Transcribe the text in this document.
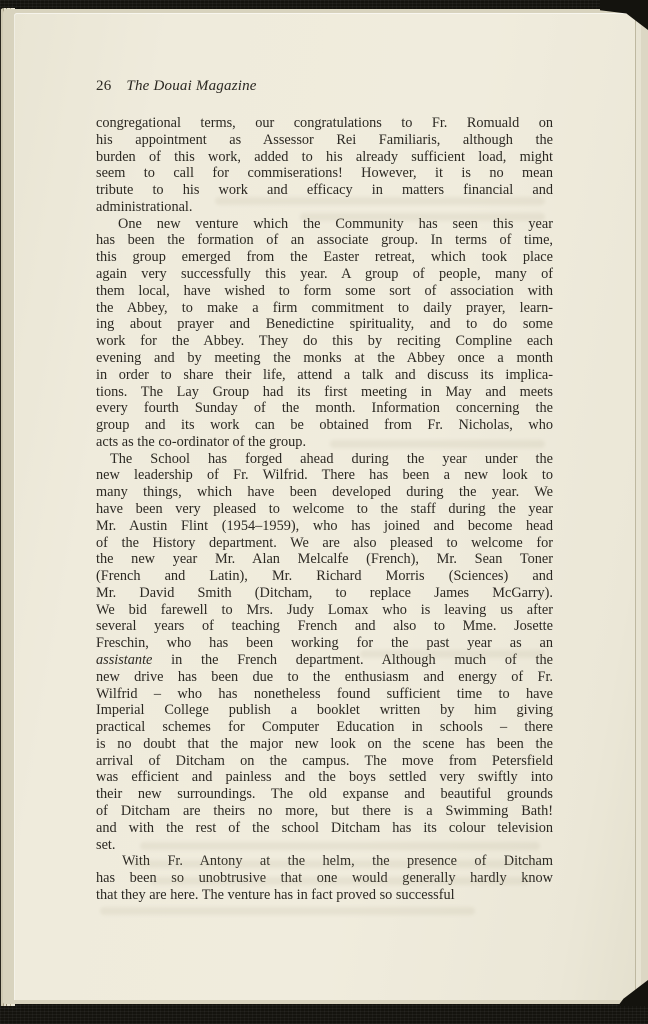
26 The Douai Magazine
congregational terms, our congratulations to Fr. Romuald on
his appointment as Assessor Rei Familiaris, although the
burden of this work, added to his already sufficient load, might
seem to call for commiserations! However, it is no mean
tribute to his work and efficacy in matters financial and
administrational.
One new venture which the Community has seen this year
has been the formation of an associate group. In terms of time,
this group emerged from the Easter retreat, which took place
again very successfully this year. A group of people, many of
them local, have wished to form some sort of association with
the Abbey, to make a firm commitment to daily prayer, learn-
ing about prayer and Benedictine spirituality, and to do some
work for the Abbey. They do this by reciting Compline each
evening and by meeting the monks at the Abbey once a month
in order to share their life, attend a talk and discuss its implica-
tions. The Lay Group had its first meeting in May and meets
every fourth Sunday of the month. Information concerning the
group and its work can be obtained from Fr. Nicholas, who
acts as the co-ordinator of the group.
The School has forged ahead during the year under the
new leadership of Fr. Wilfrid. There has been a new look to
many things, which have been developed during the year. We
have been very pleased to welcome to the staff during the year
Mr. Austin Flint (1954–1959), who has joined and become head
of the History department. We are also pleased to welcome for
the new year Mr. Alan Melcalfe (French), Mr. Sean Toner
(French and Latin), Mr. Richard Morris (Sciences) and
Mr. David Smith (Ditcham, to replace James McGarry).
We bid farewell to Mrs. Judy Lomax who is leaving us after
several years of teaching French and also to Mme. Josette
Freschin, who has been working for the past year as an
assistante in the French department. Although much of the
new drive has been due to the enthusiasm and energy of Fr.
Wilfrid – who has nonetheless found sufficient time to have
Imperial College publish a booklet written by him giving
practical schemes for Computer Education in schools – there
is no doubt that the major new look on the scene has been the
arrival of Ditcham on the campus. The move from Petersfield
was efficient and painless and the boys settled very swiftly into
their new surroundings. The old expanse and beautiful grounds
of Ditcham are theirs no more, but there is a Swimming Bath!
and with the rest of the school Ditcham has its colour television
set.
With Fr. Antony at the helm, the presence of Ditcham
has been so unobtrusive that one would generally hardly know
that they are here. The venture has in fact proved so successful
